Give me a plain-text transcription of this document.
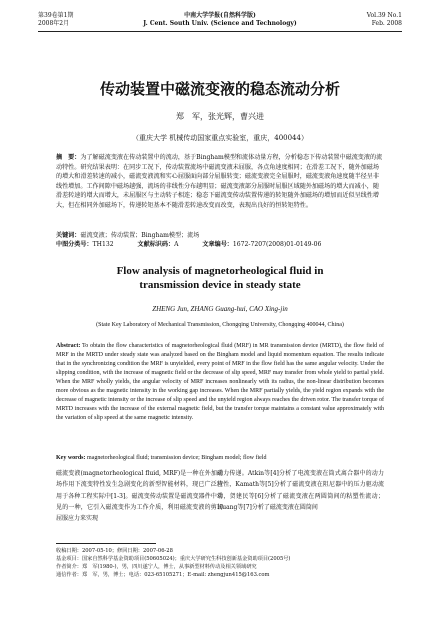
第39卷第1期
2008年2月
中南大学学报(自然科学版)
J. Cent. South Univ. (Science and Technology)
Vol.39 No.1
Feb. 2008
传动装置中磁流变液的稳态流动分析
郑　军，张光辉，曹兴进
（重庆大学 机械传动国家重点实验室，重庆，400044）
摘　要：为了解磁流变液在传动装置中的流动，基于Bingham模型和流体动量方程，分析稳态下传动装置中磁流变液的流动特性。研究结果表明：在同步工况下，传动装置流场中磁流变液未屈服，各点角速度相同；在滑差工况下，随外加磁场的增大和滑差转速的减小，磁流变液流和实心屈服面向部分屈服转变；磁流变液完全屈服时，磁流变液角速度随半径呈非线性增加。工作间隙中磁场越强，流场的非线性分布越明显；磁流变液部分屈服时屈服区域随外加磁场的增大而减小，随滑差转速的增大而增大，未屈服区与主动转子相连；稳态下磁流变传动装置传递的转矩随外加磁场的增加而近似呈线性增大，但在相同外加磁场下，传递转矩基本不随滑差转速改变而改变，表现出良好的恒转矩特性。
关键词：磁流变液；传动装置；Bingham模型；流场
中图分类号：TH132	文献标识码：A	文章编号：1672-7207(2008)01-0149-06
Flow analysis of magnetorheological fluid in
transmission device in steady state
ZHENG Jun, ZHANG Guang-hui, CAO Xing-jin
(State Key Laboratory of Mechanical Transmission, Chongqing University, Chongqing 400044, China)
Abstract: To obtain the flow characteristics of magnetorheological fluid (MRF) in MR transmission device (MRTD), the flow field of MRF in the MRTD under steady state was analyzed based on the Bingham model and liquid momentum equation. The results indicate that in the synchronizing condition the MRF is unyielded, every point of MRF in the flow field has the same angular velocity. Under the slipping condition, with the increase of magnetic field or the decrease of slip speed, MRF may transfer from whole yield to partial yield. When the MRF wholly yields, the angular velocity of MRF increases nonlinearly with its radius, the non-linear distribution becomes more obvious as the magnetic intensity in the working gap increases. When the MRF partially yields, the yield region expands with the decrease of magnetic intensity or the increase of slip speed and the unyield region always reaches the driven rotor. The transfer torque of MRTD increases with the increase of the external magnetic field, but the transfer torque maintains a constant value approximately with the variation of slip speed at the same magnetic intensity.
Key words: magnetorheological fluid; transmission device; Bingham model; flow field
磁流变液(magnetorheological fluid, MRF)是一种在外加磁场作用下流变特性发生急剧变化的新型智能材料，现已广泛应用于各种工程实际中[1-3]。磁流变传动装置是磁流变器件中常见的一种，它引入磁流变作为工作介质，利用磁流变液的剪切屈服应力来实现
动力传递。Atkin等[4]分析了电流变液在筒式离合器中的动力特性，Kamath等[5]分析了磁流变液在阻尼器中的压力驱动流动，贺建民等[6]分析了磁流变液在两圆筒间的粘塑性流动；Huang等[7]分析了磁流变液在圆筒间
收稿日期：2007-05-10；修回日期：2007-06-28
基金项目：国家自然科学基金资助项目(50605024)；重庆大学研究生科技创新基金资助项目(2005号)
作者简介：郑　军(1980-)，男，四川遂宁人，博士，从事新型材料传动及相关领域研究
通信作者：郑　军，男，博士；电话：023-65105271；E-mail: zhengjun415@163.com
